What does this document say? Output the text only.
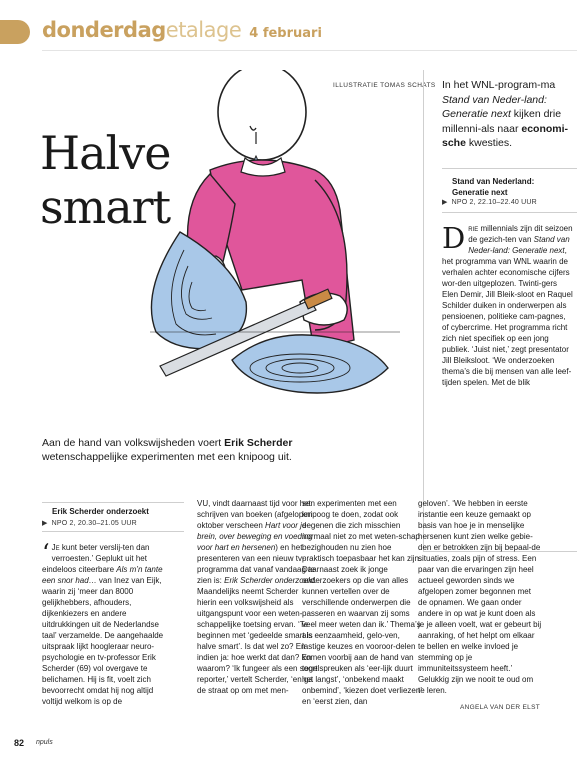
donderdag etalage 4 februari
ILLUSTRATIE TOMAS SCHATS
Halve
smart
In het WNL-program-ma Stand van Neder-land: Generatie next kijken drie millenni-als naar economi-sche kwesties.
Stand van Nederland: Generatie next
▶ NPO 2, 22.10–22.40 UUR
Drie millennials zijn dit seizoen de gezich-ten van Stand van Neder-land: Generatie next, het programma van WNL waarin de verhalen achter economische cijfers wor-den uitgeplozen. Twinti-gers Elen Demir, Jill Bleik-sloot en Raquel Schilder duiken in onderwerpen als pensioenen, politieke cam-pagnes, of cybercrime. Het programma richt zich niet specifiek op een jong publiek. ‘Juist niet,’ zegt presentator Jill Bleiksloot. ‘We onderzoeken thema’s die bij mensen van alle leef-tijden spelen. Met de blik
Aan de hand van volkswijsheden voert Erik Scherder wetenschappelijke experimenten met een knipoog uit.
Erik Scherder onderzoekt
▶ NPO 2, 20.30–21.05 UUR
‘ Je kunt beter verslij-ten dan verroesten.’ Geplukt uit het eindeloos citeerbare Als m’n tante een snor had… van Inez van Eijk, waarin zij ‘meer dan 8000 gelijkhebbers, afhouders, dijkenkiezers en andere uitdrukkingen uit de Nederlandse taal’ verzamelde. De aangehaalde uitspraak lijkt hoogleraar neuro-psychologie en tv-professor Erik Scherder (69) vol overgave te belichamen. Hij is fit, voelt zich bevoorrecht omdat hij nog altijd voltijd welkom is op de
VU, vindt daarnaast tijd voor het schrijven van boeken (afgelopen oktober verscheen Hart voor je brein, over beweging en voeding voor hart en hersenen) en het presenteren van een nieuw tv-programma dat vanaf vandaag te zien is: Erik Scherder onderzoekt. Maandelijks neemt Scherder hierin een volkswijsheid als uitgangspunt voor een weten-schappelijke toetsing ervan. ‘Te beginnen met ‘gedeelde smart is halve smart’. Is dat wel zo? En indien ja: hoe werkt dat dan? En waarom? ‘Ik fungeer als een soort reporter,’ vertelt Scherder, ‘en ga de straat op om met men-
sen experimenten met een knipoog te doen, zodat ook degenen die zich misschien normaal niet zo met weten-schap bezighouden nu zien hoe praktisch toepasbaar het kan zijn. Daarnaast zoek ik jonge onderzoekers op die van alles kunnen vertellen over de verschillende onderwerpen die passeren en waarvan zij soms veel meer weten dan ik.’ Thema’s als eenzaamheid, gelo-ven, lastige keuzes en vooroor-delen komen voorbij aan de hand van tegelspreuken als ‘eer-lijk duurt het langst’, ‘onbekend maakt onbemind’, ‘kiezen doet verliezen’ en ‘eerst zien, dan
geloven’. ‘We hebben in eerste instantie een keuze gemaakt op basis van hoe je in menselijke hersenen kunt zien welke gebie-den er betrokken zijn bij bepaal-de situaties, zoals pijn of stress. Een paar van die ervaringen zijn heel actueel geworden sinds we afgelopen zomer begonnen met de opnamen. We gaan onder andere in op wat je kunt doen als je je alleen voelt, wat er gebeurt bij aanraking, of het helpt om elkaar te bellen en welke invloed je stemming op je immuniteitssysteem heeft.’ Gelukkig zijn we nooit te oud om te leren.
ANGELA VAN DER ELST
82 npuls
